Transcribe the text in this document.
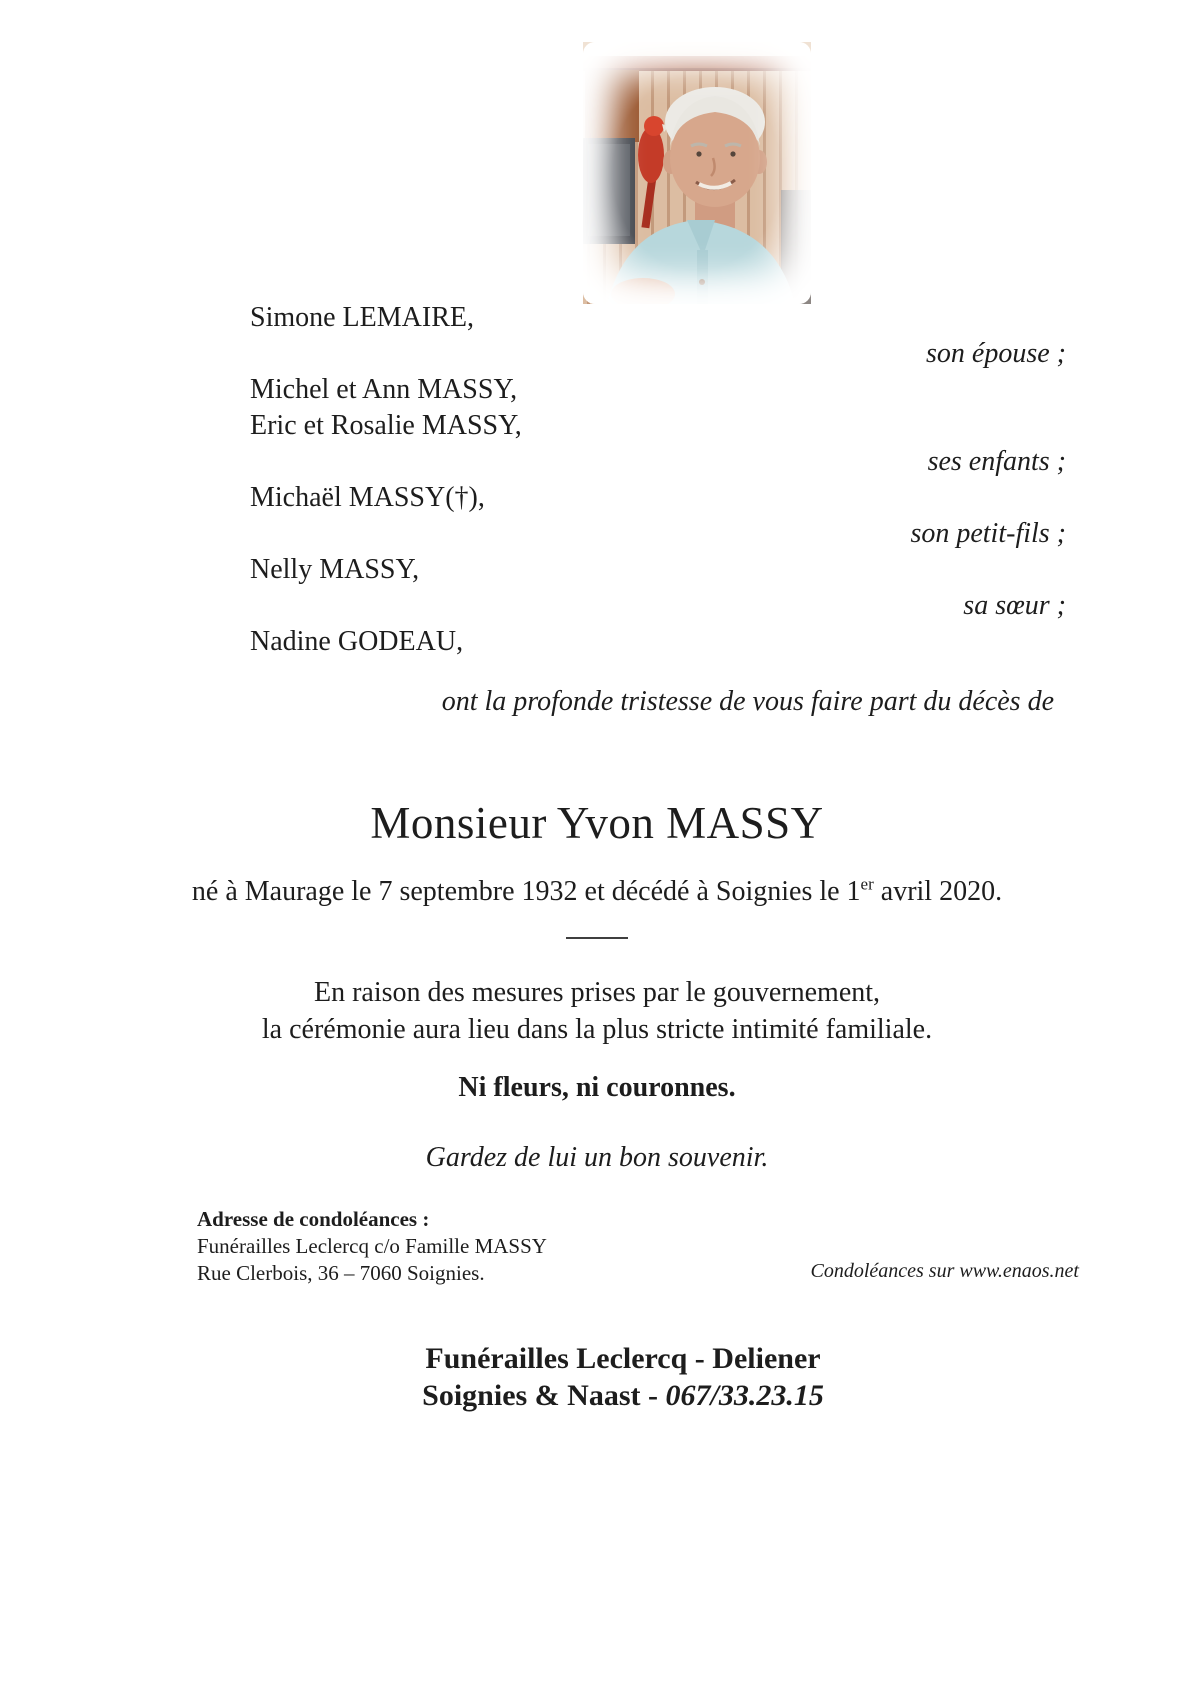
Simone LEMAIRE,
son épouse ;
Michel et Ann MASSY,
Eric et Rosalie MASSY,
ses enfants ;
Michaël MASSY(†),
son petit-fils ;
Nelly MASSY,
sa sœur ;
Nadine GODEAU,
ont la profonde tristesse de vous faire part du décès de
Monsieur Yvon MASSY
né à Maurage le 7 septembre 1932 et décédé à Soignies le 1er avril 2020.
En raison des mesures prises par le gouvernement,
la cérémonie aura lieu dans la plus stricte intimité familiale.
Ni fleurs, ni couronnes.
Gardez de lui un bon souvenir.
Adresse de condoléances :
Funérailles Leclercq c/o Famille MASSY
Rue Clerbois, 36 – 7060 Soignies.	Condoléances sur www.enaos.net
Funérailles Leclercq - Deliener
Soignies & Naast - 067/33.23.15
